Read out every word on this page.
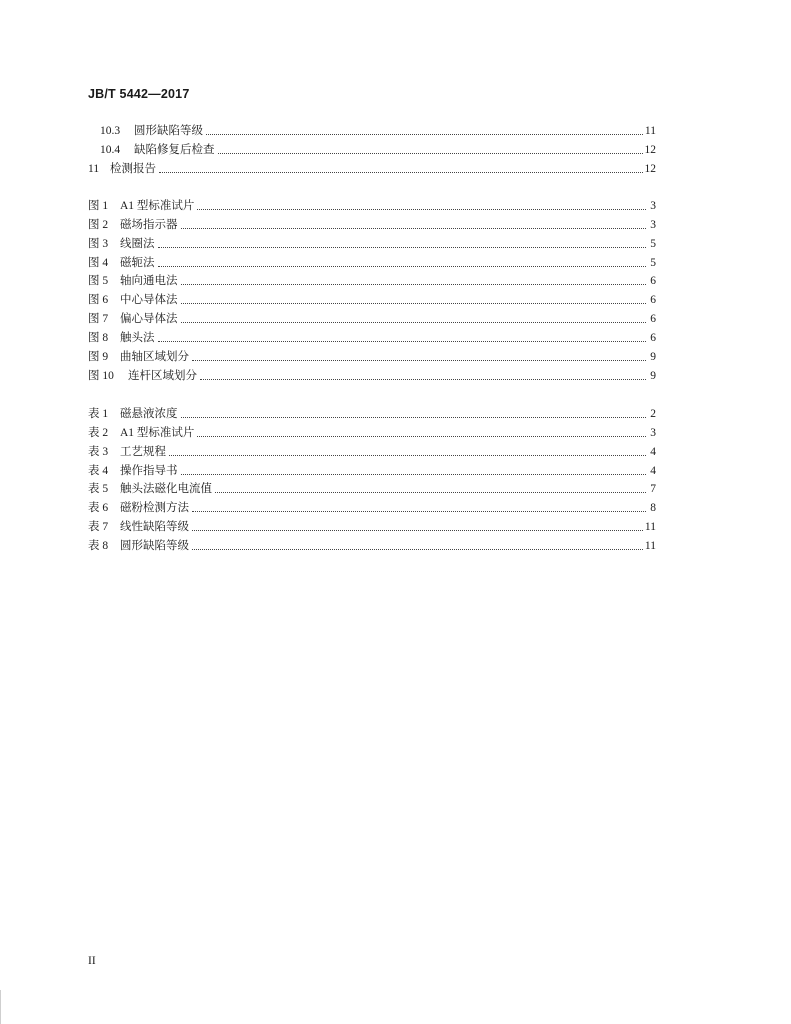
JB/T 5442—2017
10.3	圆形缺陷等级	11
10.4	缺陷修复后检查	12
11 检测报告	12
图 1	A1 型标准试片	3
图 2	磁场指示器	3
图 3	线圈法	5
图 4	磁轭法	5
图 5	轴向通电法	6
图 6	中心导体法	6
图 7	偏心导体法	6
图 8	触头法	6
图 9	曲轴区域划分	9
图 10	连杆区域划分	9
表 1	磁悬液浓度	2
表 2	A1 型标准试片	3
表 3	工艺规程	4
表 4	操作指导书	4
表 5	触头法磁化电流值	7
表 6	磁粉检测方法	8
表 7	线性缺陷等级	11
表 8	圆形缺陷等级	11
II
